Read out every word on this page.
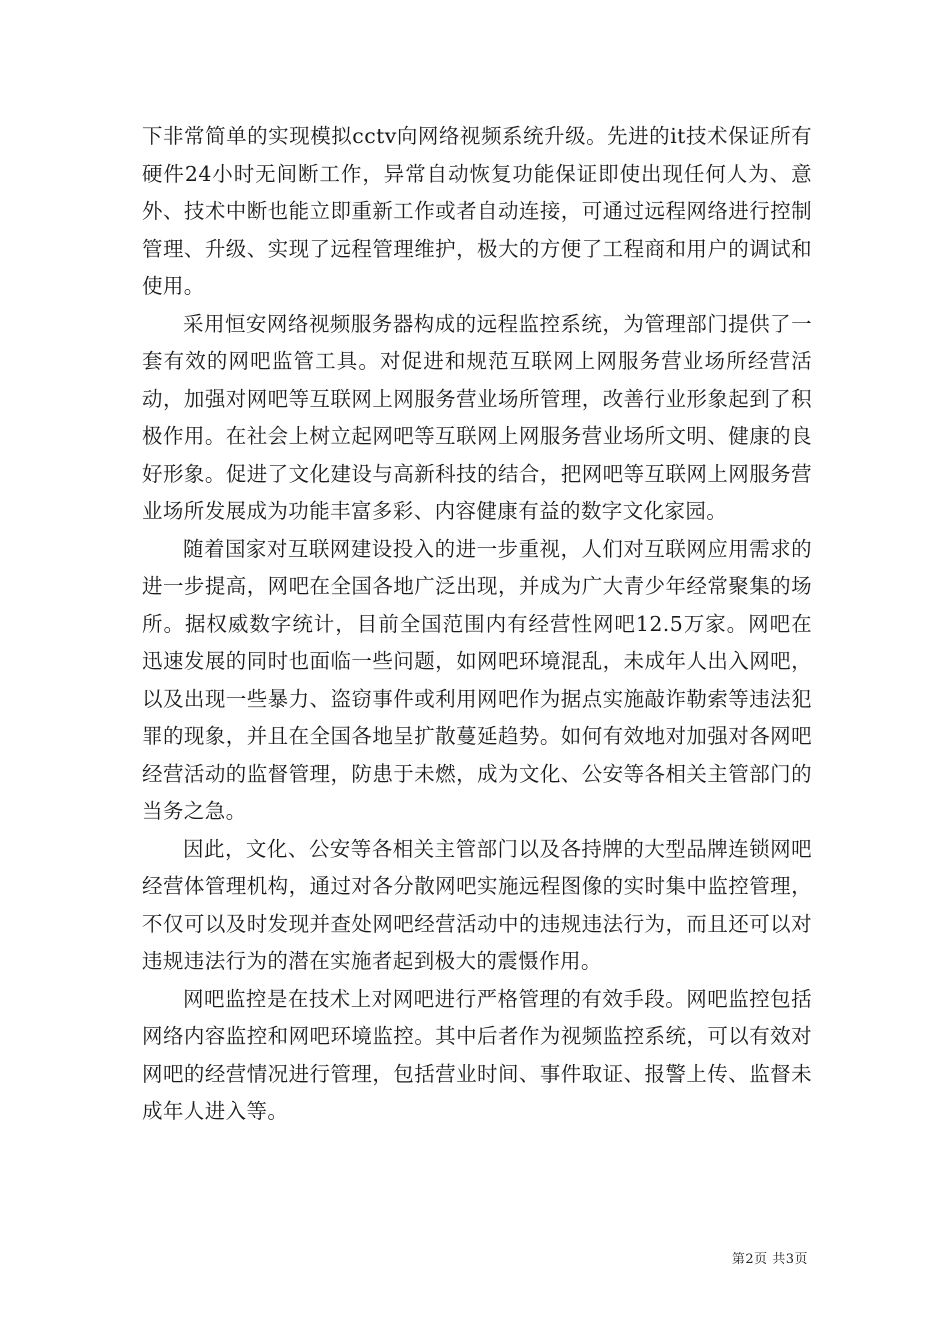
下非常简单的实现模拟cctv向网络视频系统升级。先进的it技术保证所有硬件24小时无间断工作，异常自动恢复功能保证即使出现任何人为、意外、技术中断也能立即重新工作或者自动连接，可通过远程网络进行控制管理、升级、实现了远程管理维护，极大的方便了工程商和用户的调试和使用。

采用恒安网络视频服务器构成的远程监控系统，为管理部门提供了一套有效的网吧监管工具。对促进和规范互联网上网服务营业场所经营活动，加强对网吧等互联网上网服务营业场所管理，改善行业形象起到了积极作用。在社会上树立起网吧等互联网上网服务营业场所文明、健康的良好形象。促进了文化建设与高新科技的结合，把网吧等互联网上网服务营业场所发展成为功能丰富多彩、内容健康有益的数字文化家园。

随着国家对互联网建设投入的进一步重视，人们对互联网应用需求的进一步提高，网吧在全国各地广泛出现，并成为广大青少年经常聚集的场所。据权威数字统计，目前全国范围内有经营性网吧12.5万家。网吧在迅速发展的同时也面临一些问题，如网吧环境混乱，未成年人出入网吧，以及出现一些暴力、盗窃事件或利用网吧作为据点实施敲诈勒索等违法犯罪的现象，并且在全国各地呈扩散蔓延趋势。如何有效地对加强对各网吧经营活动的监督管理，防患于未燃，成为文化、公安等各相关主管部门的当务之急。

因此，文化、公安等各相关主管部门以及各持牌的大型品牌连锁网吧经营体管理机构，通过对各分散网吧实施远程图像的实时集中监控管理，不仅可以及时发现并查处网吧经营活动中的违规违法行为，而且还可以对违规违法行为的潜在实施者起到极大的震慑作用。

网吧监控是在技术上对网吧进行严格管理的有效手段。网吧监控包括网络内容监控和网吧环境监控。其中后者作为视频监控系统，可以有效对网吧的经营情况进行管理，包括营业时间、事件取证、报警上传、监督未成年人进入等。

第2页 共3页
